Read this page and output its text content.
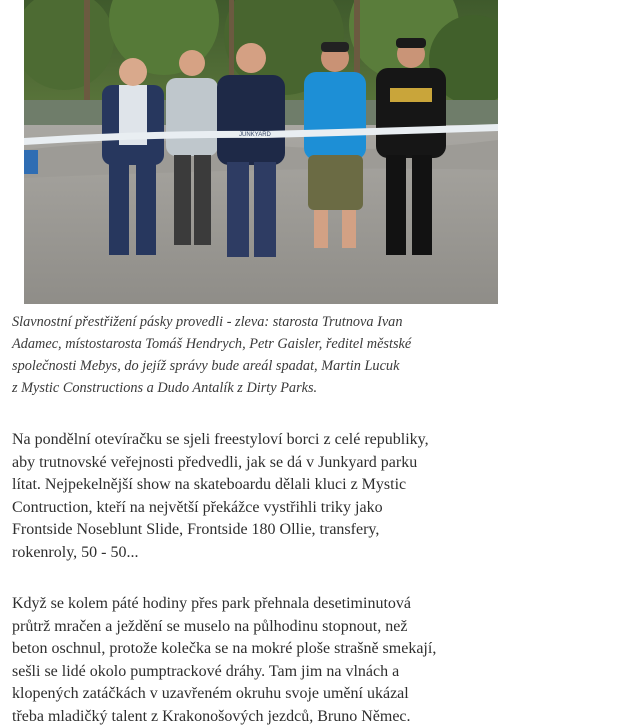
JUNKYARD
Slavnostní přestřižení pásky provedli - zleva: starosta Trutnova Ivan
Adamec, místostarosta Tomáš Hendrych, Petr Gaisler, ředitel městské
společnosti Mebys, do jejíž správy bude areál spadat, Martin Lucuk
z Mystic Constructions a Dudo Antalík z Dirty Parks.
Na pondělní otevíračku se sjeli freestyloví borci z celé republiky,
aby trutnovské veřejnosti předvedli, jak se dá v Junkyard parku
lítat. Nejpekelnější show na skateboardu dělali kluci z Mystic
Contruction, kteří na největší překážce vystřihli triky jako
Frontside Noseblunt Slide, Frontside 180 Ollie, transfery,
rokenroly, 50 - 50...
Když se kolem páté hodiny přes park přehnala desetiminutová
průtrž mračen a ježdění se muselo na půlhodinu stopnout, než
beton oschnul, protože kolečka se na mokré ploše strašně smekají,
sešli se lidé okolo pumptrackové dráhy. Tam jim na vlnách a
klopených zatáčkách v uzavřeném okruhu svoje umění ukázal
třeba mladičký talent z Krakonošových jezdců, Bruno Němec.
